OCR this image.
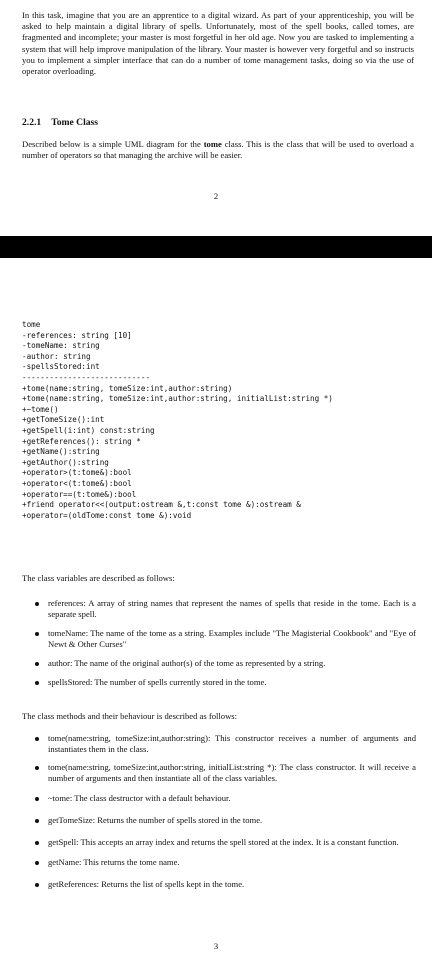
In this task, imagine that you are an apprentice to a digital wizard. As part of your apprenticeship, you will be asked to help maintain a digital library of spells. Unfortunately, most of the spell books, called tomes, are fragmented and incomplete; your master is most forgetful in her old age. Now you are tasked to implementing a system that will help improve manipulation of the library. Your master is however very forgetful and so instructs you to implement a simpler interface that can do a number of tome management tasks, doing so via the use of operator overloading.

2.2.1 Tome Class

Described below is a simple UML diagram for the tome class. This is the class that will be used to overload a number of operators so that managing the archive will be easier.

2

tome
-references: string [10]
-tomeName: string
-author: string
-spellsStored:int
----------------------------
+tome(name:string, tomeSize:int,author:string)
+tome(name:string, tomeSize:int,author:string, initialList:string *)
+~tome()
+getTomeSize():int
+getSpell(i:int) const:string
+getReferences(): string *
+getName():string
+getAuthor():string
+operator>(t:tome&):bool
+operator<(t:tome&):bool
+operator==(t:tome&):bool
+friend operator<<(output:ostream &,t:const tome &):ostream &
+operator=(oldTome:const tome &):void

The class variables are described as follows:

references: A array of string names that represent the names of spells that reside in the tome. Each is a separate spell.
tomeName: The name of the tome as a string. Examples include "The Magisterial Cookbook" and "Eye of Newt & Other Curses"
author: The name of the original author(s) of the tome as represented by a string.
spellsStored: The number of spells currently stored in the tome.

The class methods and their behaviour is described as follows:

tome(name:string, tomeSize:int,author:string): This constructor receives a number of arguments and instantiates them in the class.
tome(name:string, tomeSize:int,author:string, initialList:string *): The class constructor. It will receive a number of arguments and then instantiate all of the class variables.
~tome: The class destructor with a default behaviour.
getTomeSize: Returns the number of spells stored in the tome.
getSpell: This accepts an array index and returns the spell stored at the index. It is a constant function.
getName: This returns the tome name.
getReferences: Returns the list of spells kept in the tome.

3
